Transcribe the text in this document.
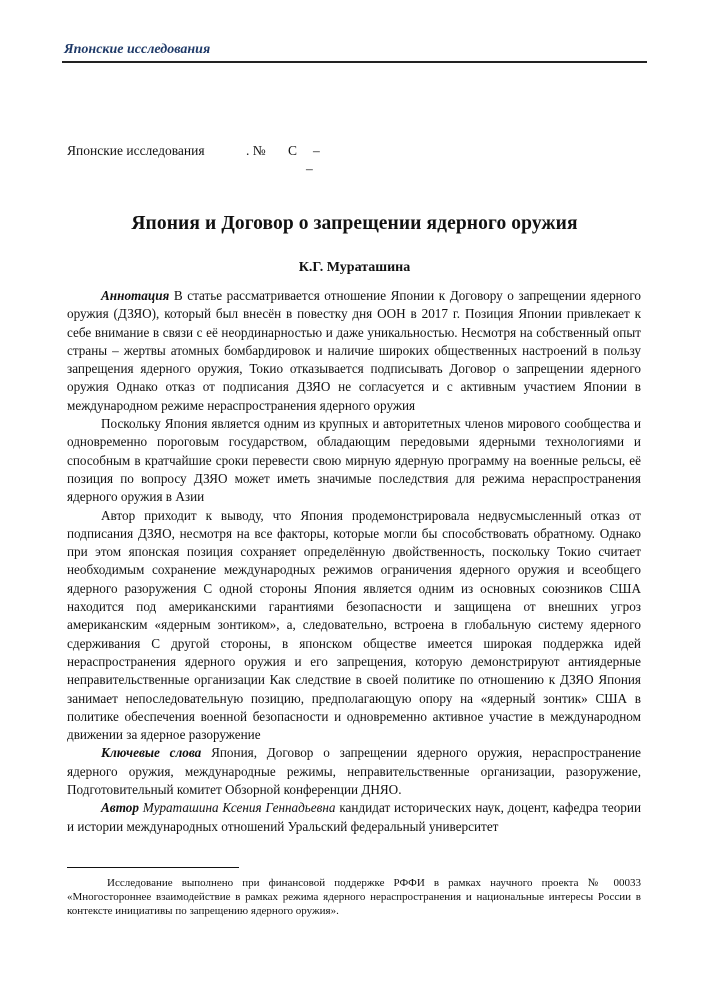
Японские исследования
Японские исследования	. № С –
–
Япония и Договор о запрещении ядерного оружия
К.Г. Мураташина

Аннотация В статье рассматривается отношение Японии к Договору о запрещении ядерного оружия (ДЗЯО), который был внесён в повестку дня ООН в 2017 г. Позиция Японии привлекает к себе внимание в связи с её неординарностью и даже уникальностью. Несмотря на собственный опыт страны – жертвы атомных бомбардировок и наличие широких общественных настроений в пользу запрещения ядерного оружия, Токио отказывается подписывать Договор о запрещении ядерного оружия Однако отказ от подписания ДЗЯО не согласуется и с активным участием Японии в международном режиме нераспространения ядерного оружия

Поскольку Япония является одним из крупных и авторитетных членов мирового сообщества и одновременно пороговым государством, обладающим передовыми ядерными технологиями и способным в кратчайшие сроки перевести свою мирную ядерную программу на военные рельсы, её позиция по вопросу ДЗЯО может иметь значимые последствия для режима нераспространения ядерного оружия в Азии

Автор приходит к выводу, что Япония продемонстрировала недвусмысленный отказ от подписания ДЗЯО, несмотря на все факторы, которые могли бы способствовать обратному. Однако при этом японская позиция сохраняет определённую двойственность, поскольку Токио считает необходимым сохранение международных режимов ограничения ядерного оружия и всеобщего ядерного разоружения С одной стороны Япония является одним из основных союзников США находится под американскими гарантиями безопасности и защищена от внешних угроз американским «ядерным зонтиком», а, следовательно, встроена в глобальную систему ядерного сдерживания С другой стороны, в японском обществе имеется широкая поддержка идей нераспространения ядерного оружия и его запрещения, которую демонстрируют антиядерные неправительственные организации Как следствие в своей политике по отношению к ДЗЯО Япония занимает непоследовательную позицию, предполагающую опору на «ядерный зонтик» США в политике обеспечения военной безопасности и одновременно активное участие в международном движении за ядерное разоружение

Ключевые слова Япония, Договор о запрещении ядерного оружия, нераспространение ядерного оружия, международные режимы, неправительственные организации, разоружение, Подготовительный комитет Обзорной конференции ДНЯО.

Автор Мураташина Ксения Геннадьевна кандидат исторических наук, доцент, кафедра теории и истории международных отношений Уральский федеральный университет

Исследование выполнено при финансовой поддержке РФФИ в рамках научного проекта № 00033 «Многостороннее взаимодействие в рамках режима ядерного нераспространения и национальные интересы России в контексте инициативы по запрещению ядерного оружия».
